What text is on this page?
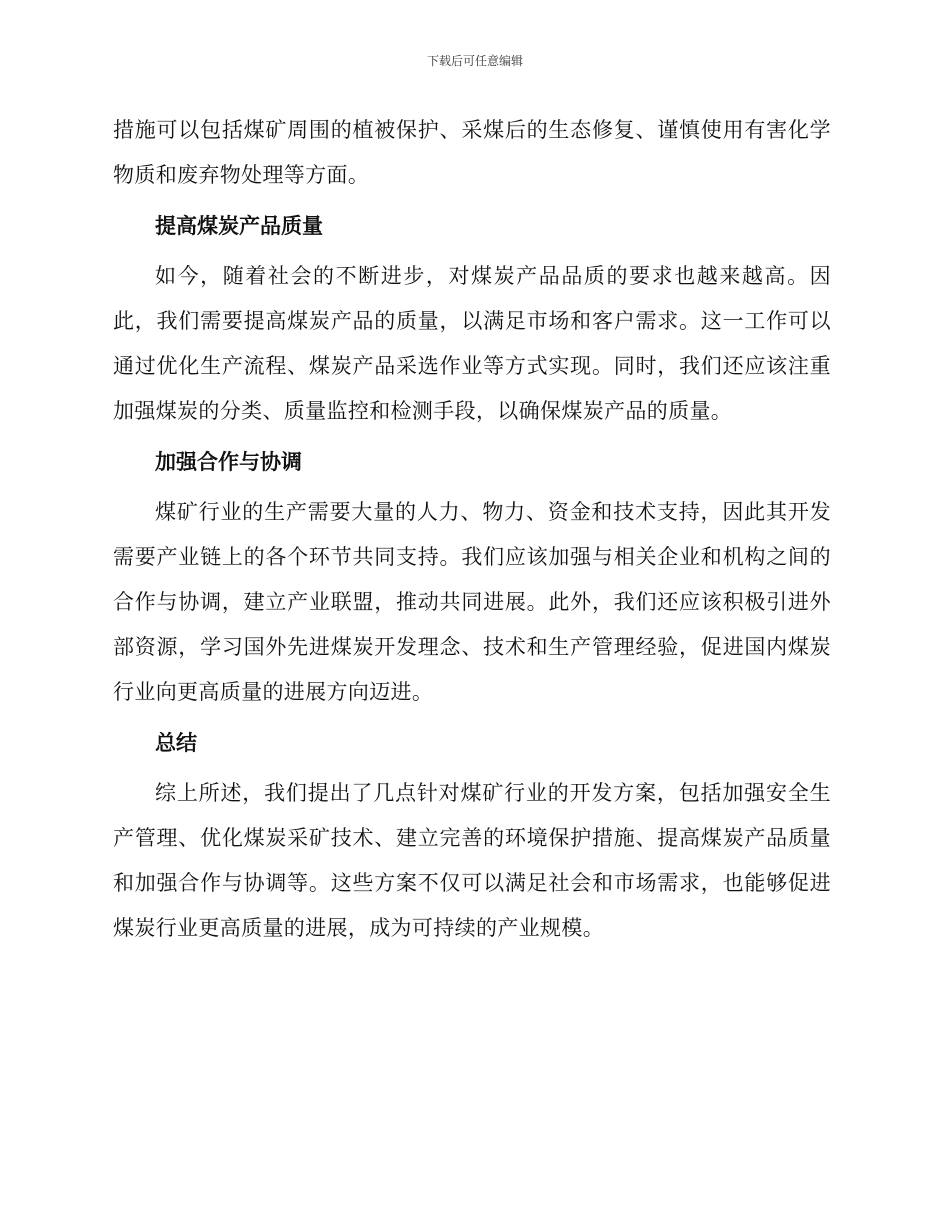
下载后可任意编辑

措施可以包括煤矿周围的植被保护、采煤后的生态修复、谨慎使用有害化学物质和废弃物处理等方面。

提高煤炭产品质量

如今，随着社会的不断进步，对煤炭产品品质的要求也越来越高。因此，我们需要提高煤炭产品的质量，以满足市场和客户需求。这一工作可以通过优化生产流程、煤炭产品采选作业等方式实现。同时，我们还应该注重加强煤炭的分类、质量监控和检测手段，以确保煤炭产品的质量。

加强合作与协调

煤矿行业的生产需要大量的人力、物力、资金和技术支持，因此其开发需要产业链上的各个环节共同支持。我们应该加强与相关企业和机构之间的合作与协调，建立产业联盟，推动共同进展。此外，我们还应该积极引进外部资源，学习国外先进煤炭开发理念、技术和生产管理经验，促进国内煤炭行业向更高质量的进展方向迈进。

总结

综上所述，我们提出了几点针对煤矿行业的开发方案，包括加强安全生产管理、优化煤炭采矿技术、建立完善的环境保护措施、提高煤炭产品质量和加强合作与协调等。这些方案不仅可以满足社会和市场需求，也能够促进煤炭行业更高质量的进展，成为可持续的产业规模。
